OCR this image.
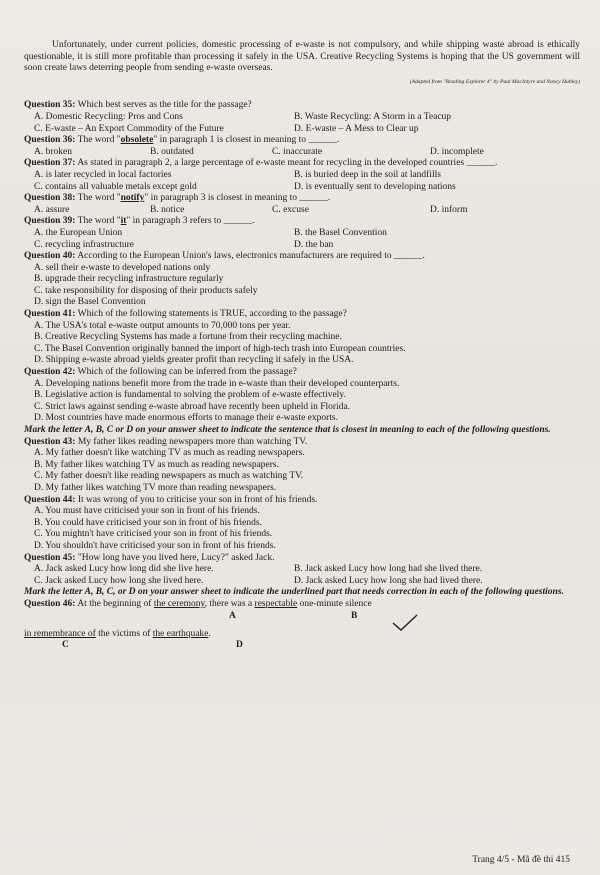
Unfortunately, under current policies, domestic processing of e-waste is not compulsory, and while shipping waste abroad is ethically questionable, it is still more profitable than processing it safely in the USA. Creative Recycling Systems is hoping that the US government will soon create laws deterring people from sending e-waste overseas.

(Adapted from "Reading Explorer 4" by Paul MacIntyre and Nancy Hubley)

Question 35: Which best serves as the title for the passage?

A. Domestic Recycling: Pros and Cons	B. Waste Recycling: A Storm in a Teacup
C. E-waste – An Export Commodity of the Future	D. E-waste – A Mess to Clear up

Question 36: The word "obsolete" in paragraph 1 is closest in meaning to ______.

A. broken	B. outdated	C. inaccurate	D. incomplete

Question 37: As stated in paragraph 2, a large percentage of e-waste meant for recycling in the developed countries ______.

A. is later recycled in local factories	B. is buried deep in the soil at landfills
C. contains all valuable metals except gold	D. is eventually sent to developing nations

Question 38: The word "notify" in paragraph 3 is closest in meaning to ______.

A. assure	B. notice	C. excuse	D. inform

Question 39: The word "it" in paragraph 3 refers to ______.

A. the European Union	B. the Basel Convention
C. recycling infrastructure	D. the ban

Question 40: According to the European Union's laws, electronics manufacturers are required to ______.

A. sell their e-waste to developed nations only
B. upgrade their recycling infrastructure regularly
C. take responsibility for disposing of their products safely
D. sign the Basel Convention

Question 41: Which of the following statements is TRUE, according to the passage?

A. The USA's total e-waste output amounts to 70,000 tons per year.
B. Creative Recycling Systems has made a fortune from their recycling machine.
C. The Basel Convention originally banned the import of high-tech trash into European countries.
D. Shipping e-waste abroad yields greater profit than recycling it safely in the USA.

Question 42: Which of the following can be inferred from the passage?

A. Developing nations benefit more from the trade in e-waste than their developed counterparts.
B. Legislative action is fundamental to solving the problem of e-waste effectively.
C. Strict laws against sending e-waste abroad have recently been upheld in Florida.
D. Most countries have made enormous efforts to manage their e-waste exports.

Mark the letter A, B, C or D on your answer sheet to indicate the sentence that is closest in meaning to each of the following questions.

Question 43: My father likes reading newspapers more than watching TV.

A. My father doesn't like watching TV as much as reading newspapers.
B. My father likes watching TV as much as reading newspapers.
C. My father doesn't like reading newspapers as much as watching TV.
D. My father likes watching TV more than reading newspapers.

Question 44: It was wrong of you to criticise your son in front of his friends.

A. You must have criticised your son in front of his friends.
B. You could have criticised your son in front of his friends.
C. You mightn't have criticised your son in front of his friends.
D. You shouldn't have criticised your son in front of his friends.

Question 45: "How long have you lived here, Lucy?" asked Jack.

A. Jack asked Lucy how long did she live here.	B. Jack asked Lucy how long had she lived there.
C. Jack asked Lucy how long she lived here.	D. Jack asked Lucy how long she had lived there.

Mark the letter A, B, C, or D on your answer sheet to indicate the underlined part that needs correction in each of the following questions.

Question 46: At the beginning of the ceremony, there was a respectable one-minute silence

A	B

in remembrance of the victims of the earthquake.

C	D
Trang 4/5 - Mã đề thi 415
